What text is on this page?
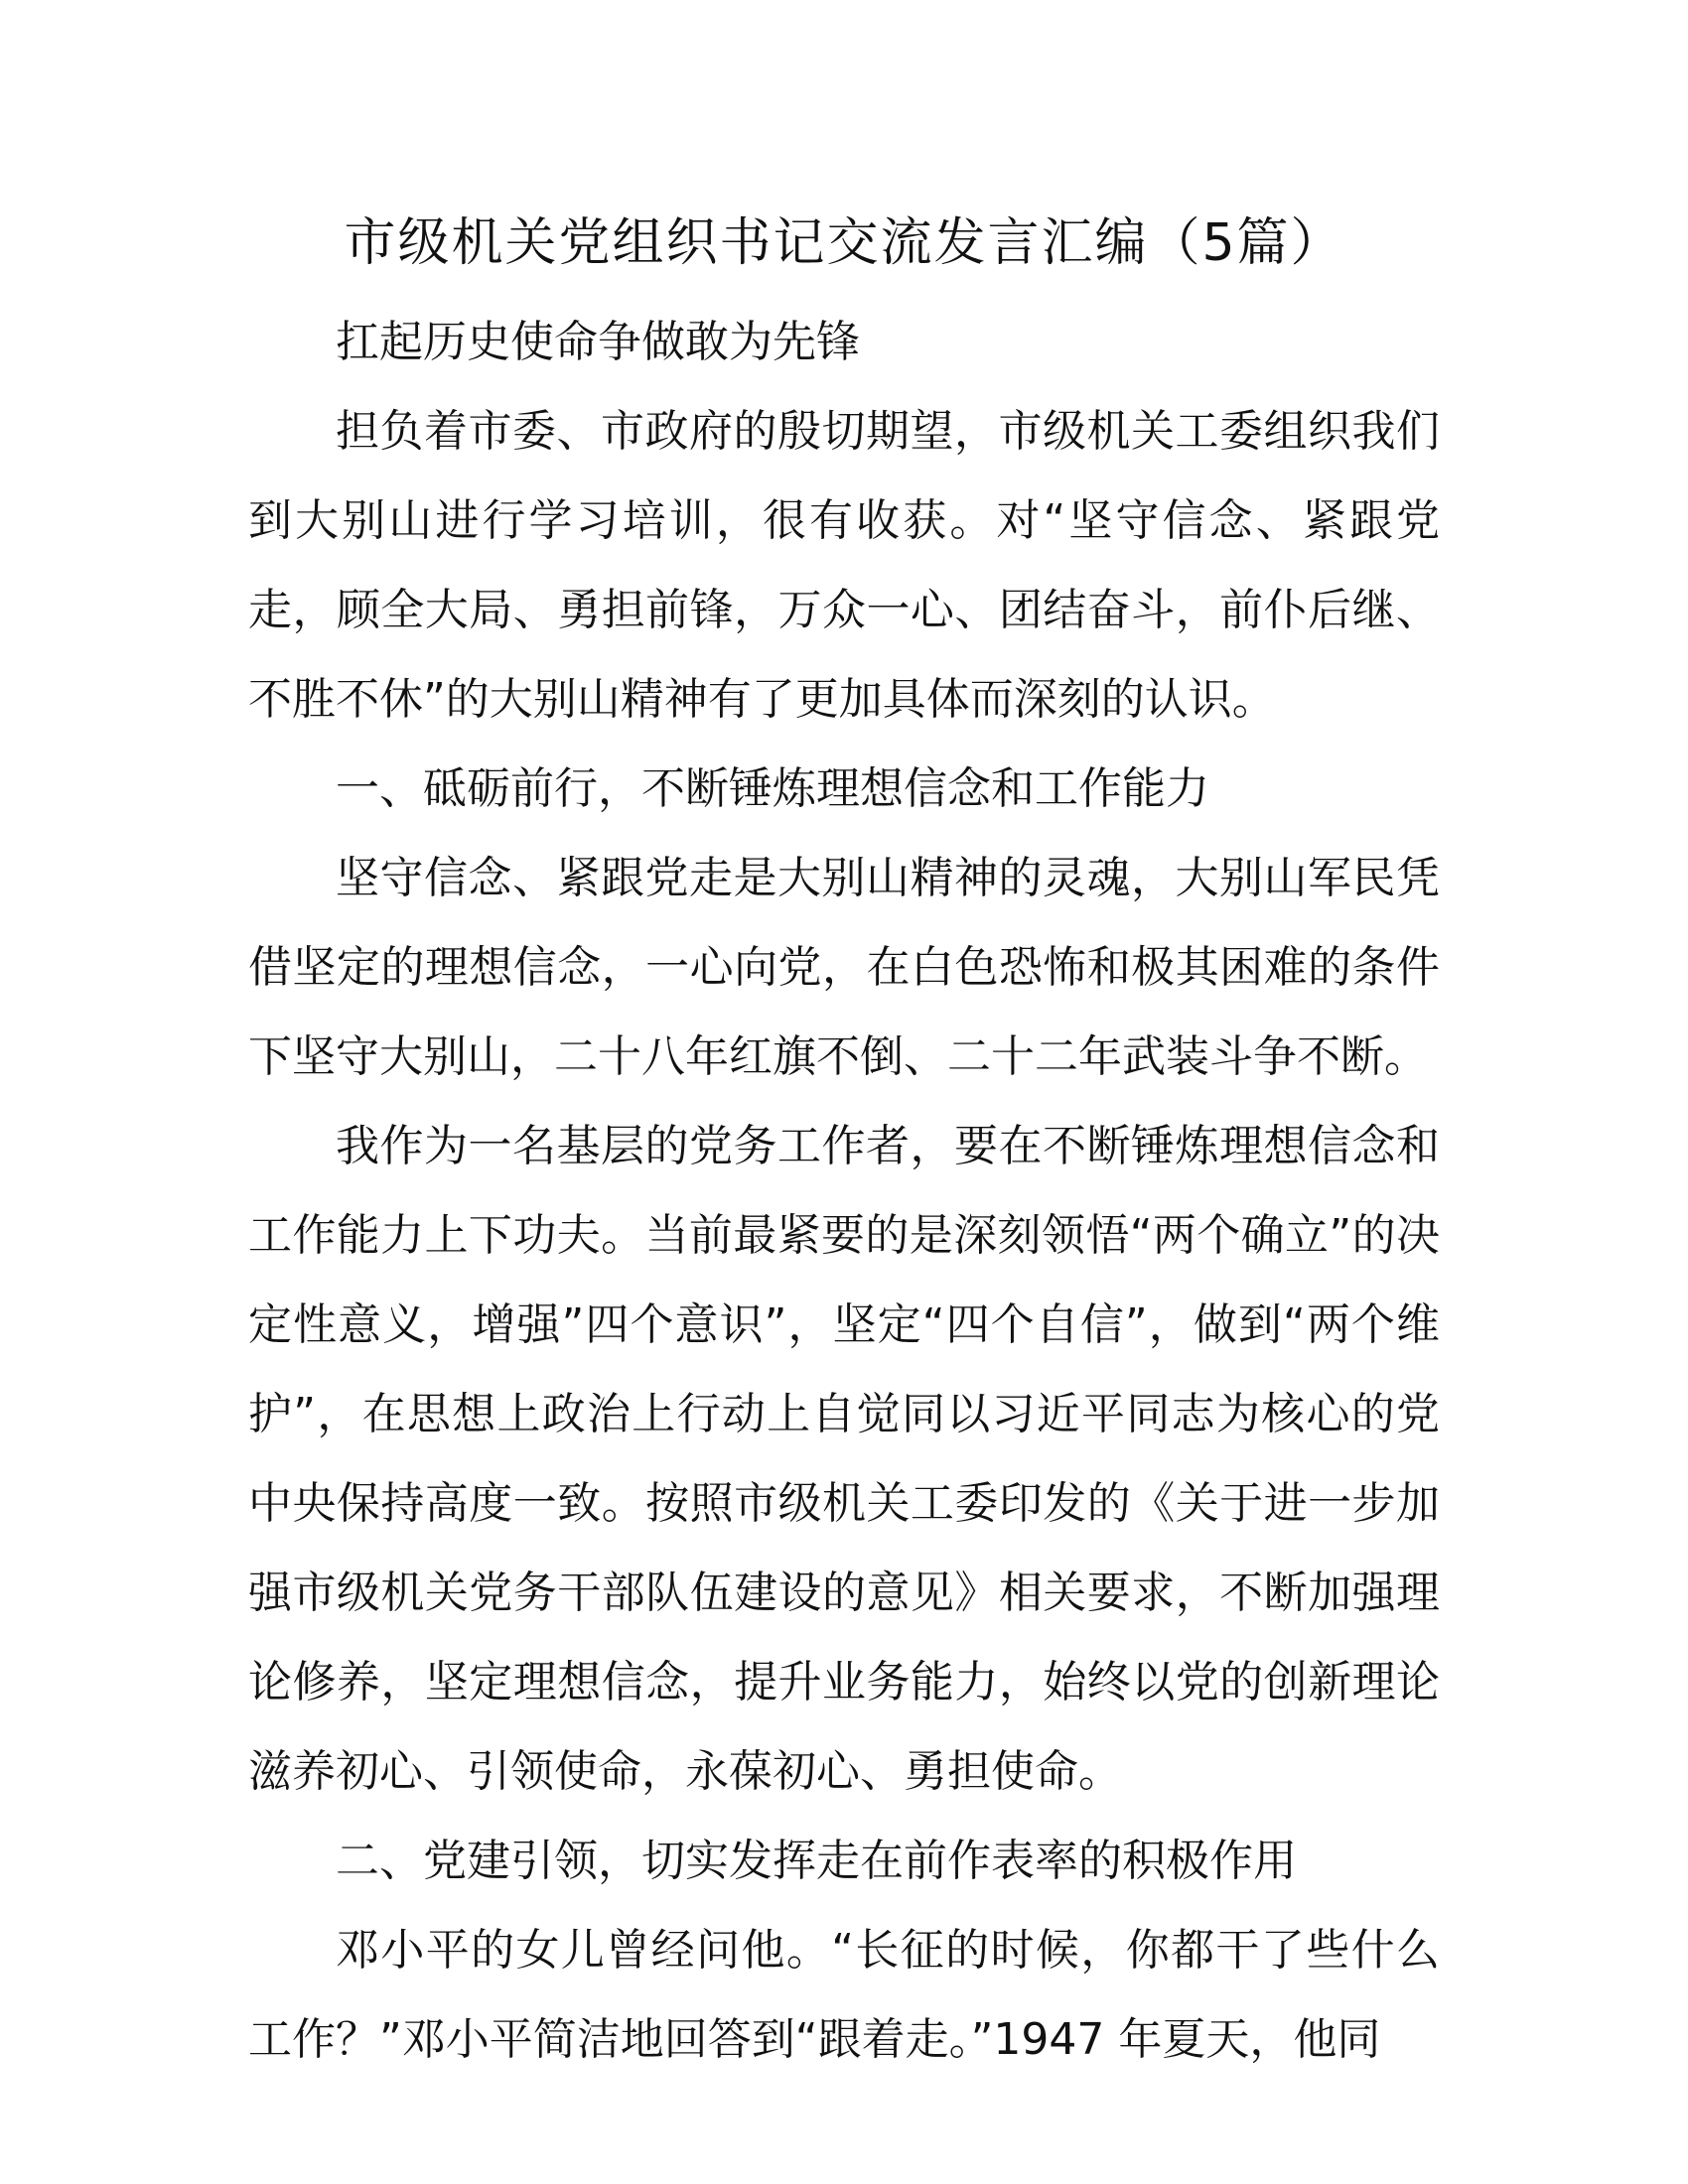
市级机关党组织书记交流发言汇编（5篇）

扛起历史使命争做敢为先锋

担负着市委、市政府的殷切期望，市级机关工委组织我们到大别山进行学习培训，很有收获。对“坚守信念、紧跟党走，顾全大局、勇担前锋，万众一心、团结奋斗，前仆后继、不胜不休”的大别山精神有了更加具体而深刻的认识。

一、砥砺前行，不断锤炼理想信念和工作能力

坚守信念、紧跟党走是大别山精神的灵魂，大别山军民凭借坚定的理想信念，一心向党，在白色恐怖和极其困难的条件下坚守大别山，二十八年红旗不倒、二十二年武装斗争不断。

我作为一名基层的党务工作者，要在不断锤炼理想信念和工作能力上下功夫。当前最紧要的是深刻领悟“两个确立”的决定性意义，增强”四个意识”，坚定“四个自信”，做到“两个维护”，在思想上政治上行动上自觉同以习近平同志为核心的党中央保持高度一致。按照市级机关工委印发的《关于进一步加强市级机关党务干部队伍建设的意见》相关要求，不断加强理论修养，坚定理想信念，提升业务能力，始终以党的创新理论滋养初心、引领使命，永葆初心、勇担使命。

二、党建引领，切实发挥走在前作表率的积极作用

邓小平的女儿曾经问他。“长征的时候，你都干了些什么工作？”邓小平简洁地回答到“跟着走。”1947 年夏天，他同
